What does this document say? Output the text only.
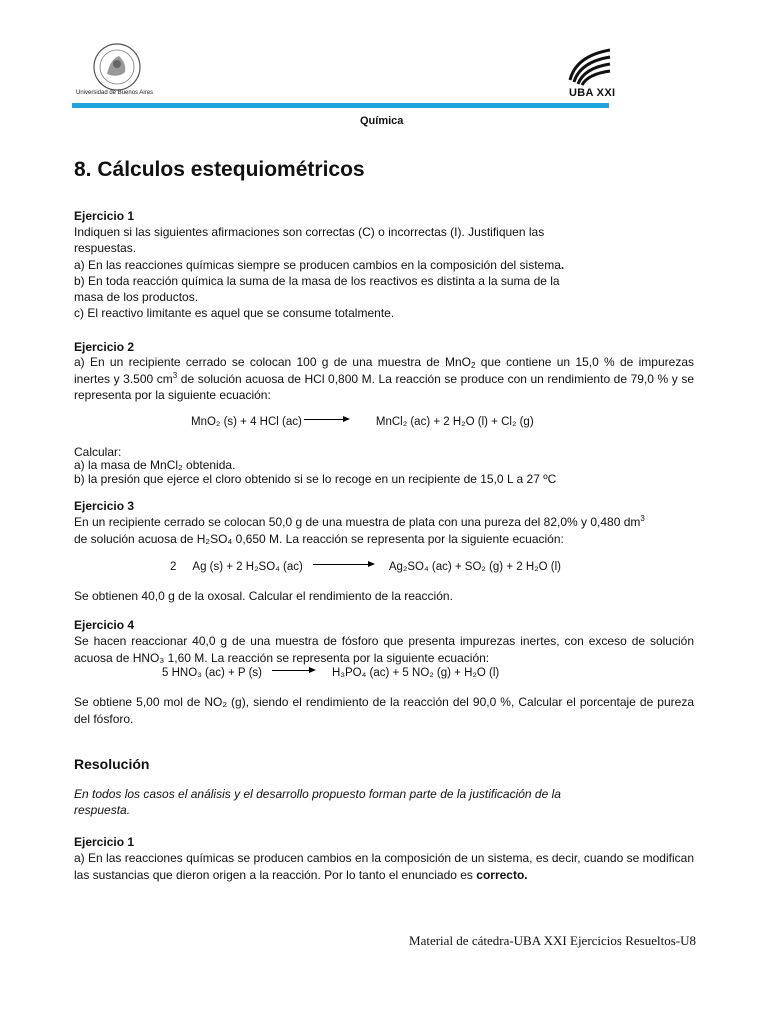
Universidad de Buenos Aires	UBA XXI
Química
8. Cálculos estequiométricos
Ejercicio 1
Indiquen si las siguientes afirmaciones son correctas (C) o incorrectas (I). Justifiquen las
respuestas.
a) En las reacciones químicas siempre se producen cambios en la composición del sistema.
b) En toda reacción química la suma de la masa de los reactivos es distinta a la suma de la
masa de los productos.
c) El reactivo limitante es aquel que se consume totalmente.
Ejercicio 2
a) En un recipiente cerrado se colocan 100 g de una muestra de MnO$_2$ que contiene un 15,0 % de impurezas inertes y 3.500 $cm^3$ de solución acuosa de HCl 0,800 M. La reacción se produce con un rendimiento de 79,0 % y se representa por la siguiente ecuación:
MnO₂ (s) + 4 HCl (ac)	MnCl₂ (ac) + 2 H₂O (l) + Cl₂ (g)
Calcular:
a) la masa de MnCl₂ obtenida.
b) la presión que ejerce el cloro obtenido si se lo recoge en un recipiente de 15,0 L a 27 ºC
Ejercicio 3
En un recipiente cerrado se colocan 50,0 g de una muestra de plata con una pureza del 82,0% y 0,480 $dm^3$
de solución acuosa de H₂SO₄ 0,650 M. La reacción se representa por la siguiente ecuación:
2 Ag (s) + 2 H₂SO₄ (ac)	Ag₂SO₄ (ac) + SO₂ (g) + 2 H₂O (l)
Se obtienen 40,0 g de la oxosal. Calcular el rendimiento de la reacción.
Ejercicio 4
Se hacen reaccionar 40,0 g de una muestra de fósforo que presenta impurezas inertes, con exceso de solución acuosa de HNO₃ 1,60 M. La reacción se representa por la siguiente ecuación:
5 HNO₃ (ac) + P (s)	H₃PO₄ (ac) + 5 NO₂ (g) + H₂O (l)
Se obtiene 5,00 mol de NO₂ (g), siendo el rendimiento de la reacción del 90,0 %, Calcular el porcentaje de pureza del fósforo.
Resolución
En todos los casos el análisis y el desarrollo propuesto forman parte de la justificación de la
respuesta.
Ejercicio 1
a) En las reacciones químicas se producen cambios en la composición de un sistema, es decir, cuando se modifican las sustancias que dieron origen a la reacción. Por lo tanto el enunciado es correcto.
Material de cátedra-UBA XXI Ejercicios Resueltos-U8
